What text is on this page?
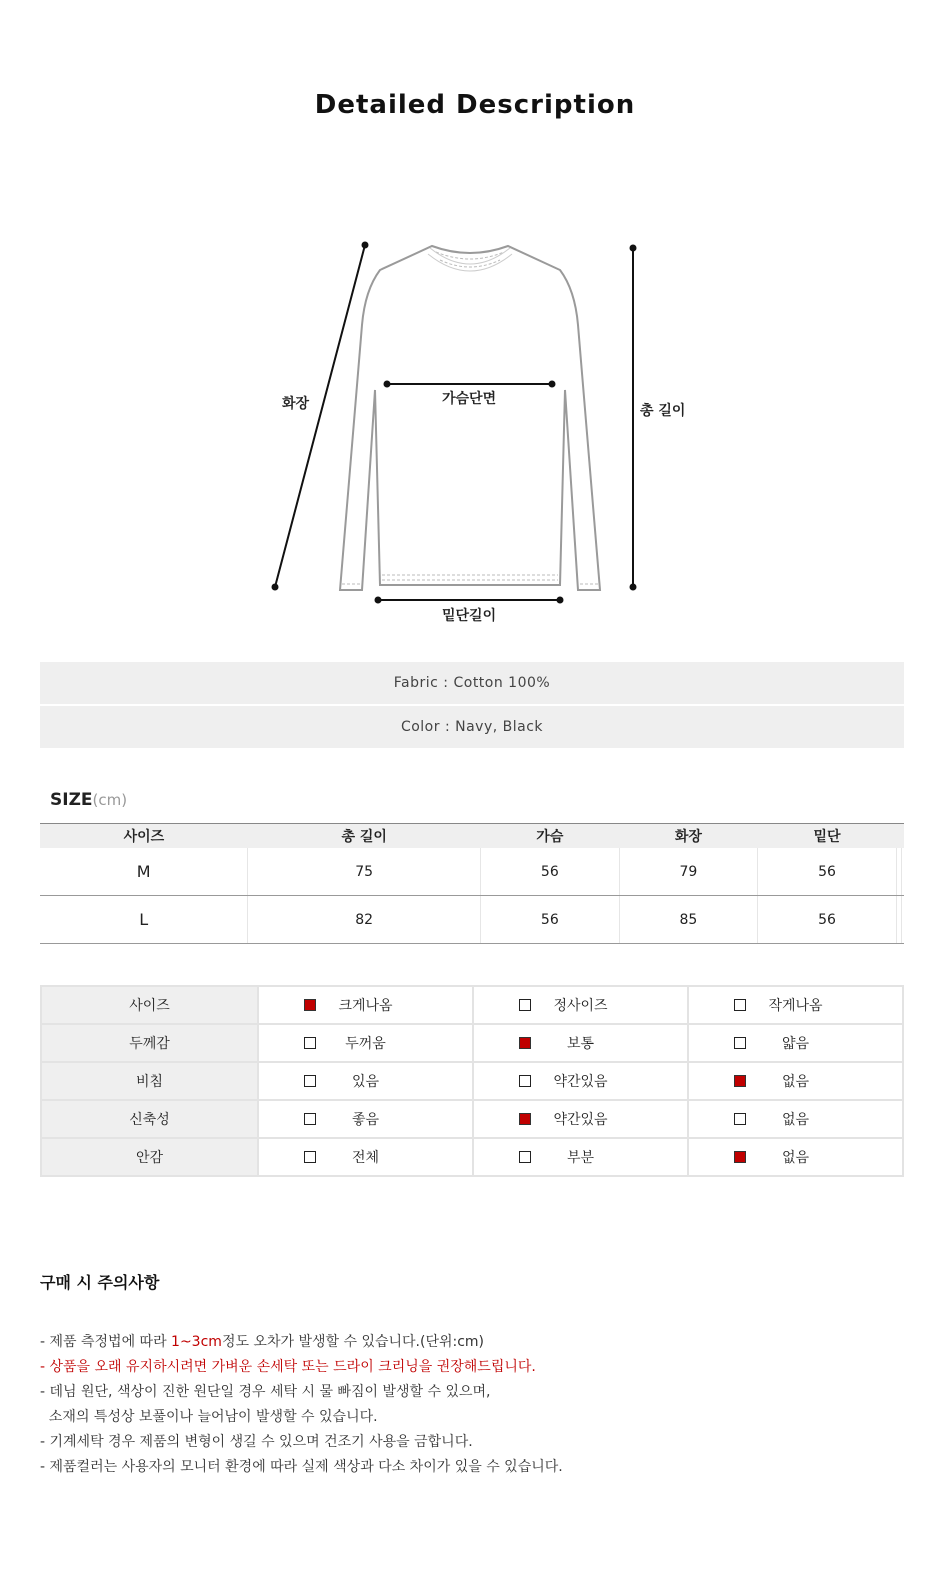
Detailed Description
화장	가슴단면
총 길이
밑단길이
Fabric : Cotton 100%
Color : Navy, Black
SIZE(cm)
사이즈	총 길이	가슴	화장	밑단		
M	75	56	79	56		
L	82	56	85	56		
사이즈	크게나옴	정사이즈	작게나옴
두께감	두꺼움	보통	얇음
비침	있음	약간있음	없음
신축성	좋음	약간있음	없음
안감	전체	부분	없음
구매 시 주의사항
- 제품 측정법에 따라 1~3cm정도 오차가 발생할 수 있습니다.(단위:cm)
- 상품을 오래 유지하시려면 가벼운 손세탁 또는 드라이 크리닝을 권장해드립니다.
- 데님 원단, 색상이 진한 원단일 경우 세탁 시 물 빠짐이 발생할 수 있으며,
소재의 특성상 보풀이나 늘어남이 발생할 수 있습니다.
- 기계세탁 경우 제품의 변형이 생길 수 있으며 건조기 사용을 금합니다.
- 제품컬러는 사용자의 모니터 환경에 따라 실제 색상과 다소 차이가 있을 수 있습니다.
